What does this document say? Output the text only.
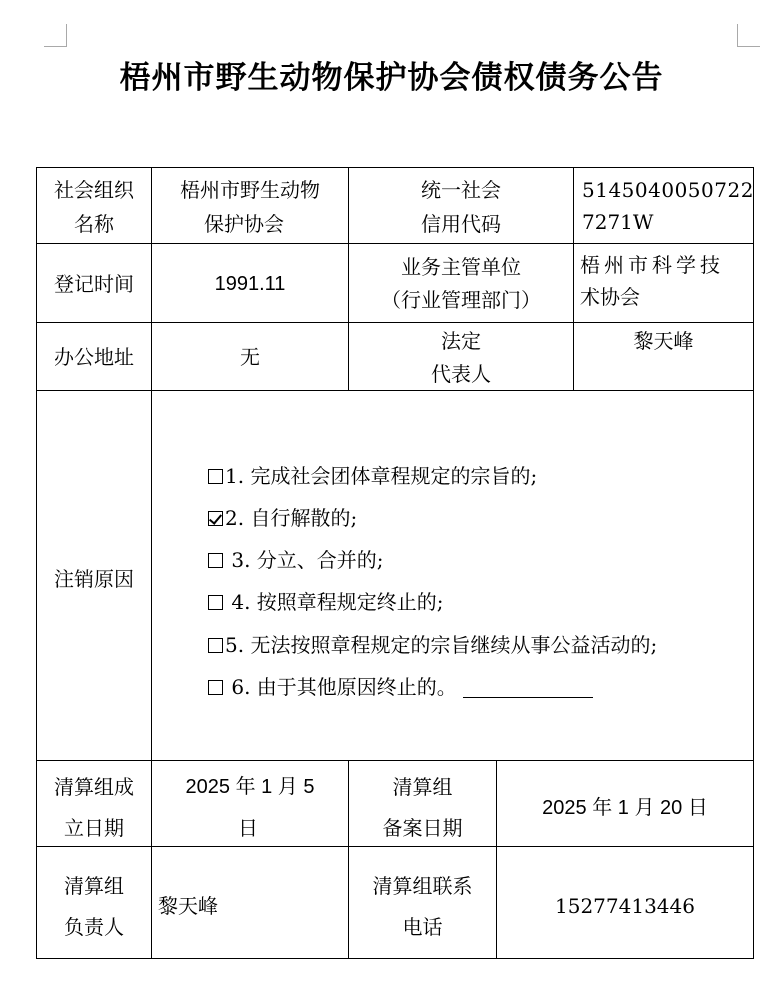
梧州市野生动物保护协会债权债务公告
社会组织
名称
梧州市野生动物
保护协会
统一社会
信用代码
5145040050722
7271W
登记时间	1991.11
业务主管单位
（行业管理部门）
梧州市科学技
术协会
办公地址	无
法定
代表人
黎天峰
注销原因
1. 完成社会团体章程规定的宗旨的;
2. 自行解散的;
3. 分立、合并的;
4. 按照章程规定终止的;
5. 无法按照章程规定的宗旨继续从事公益活动的;
6. 由于其他原因终止的。
清算组成
立日期
2025 年 1 月 5
日
清算组
备案日期
2025 年 1 月 20 日
清算组
负责人
黎天峰
清算组联系
电话
15277413446
